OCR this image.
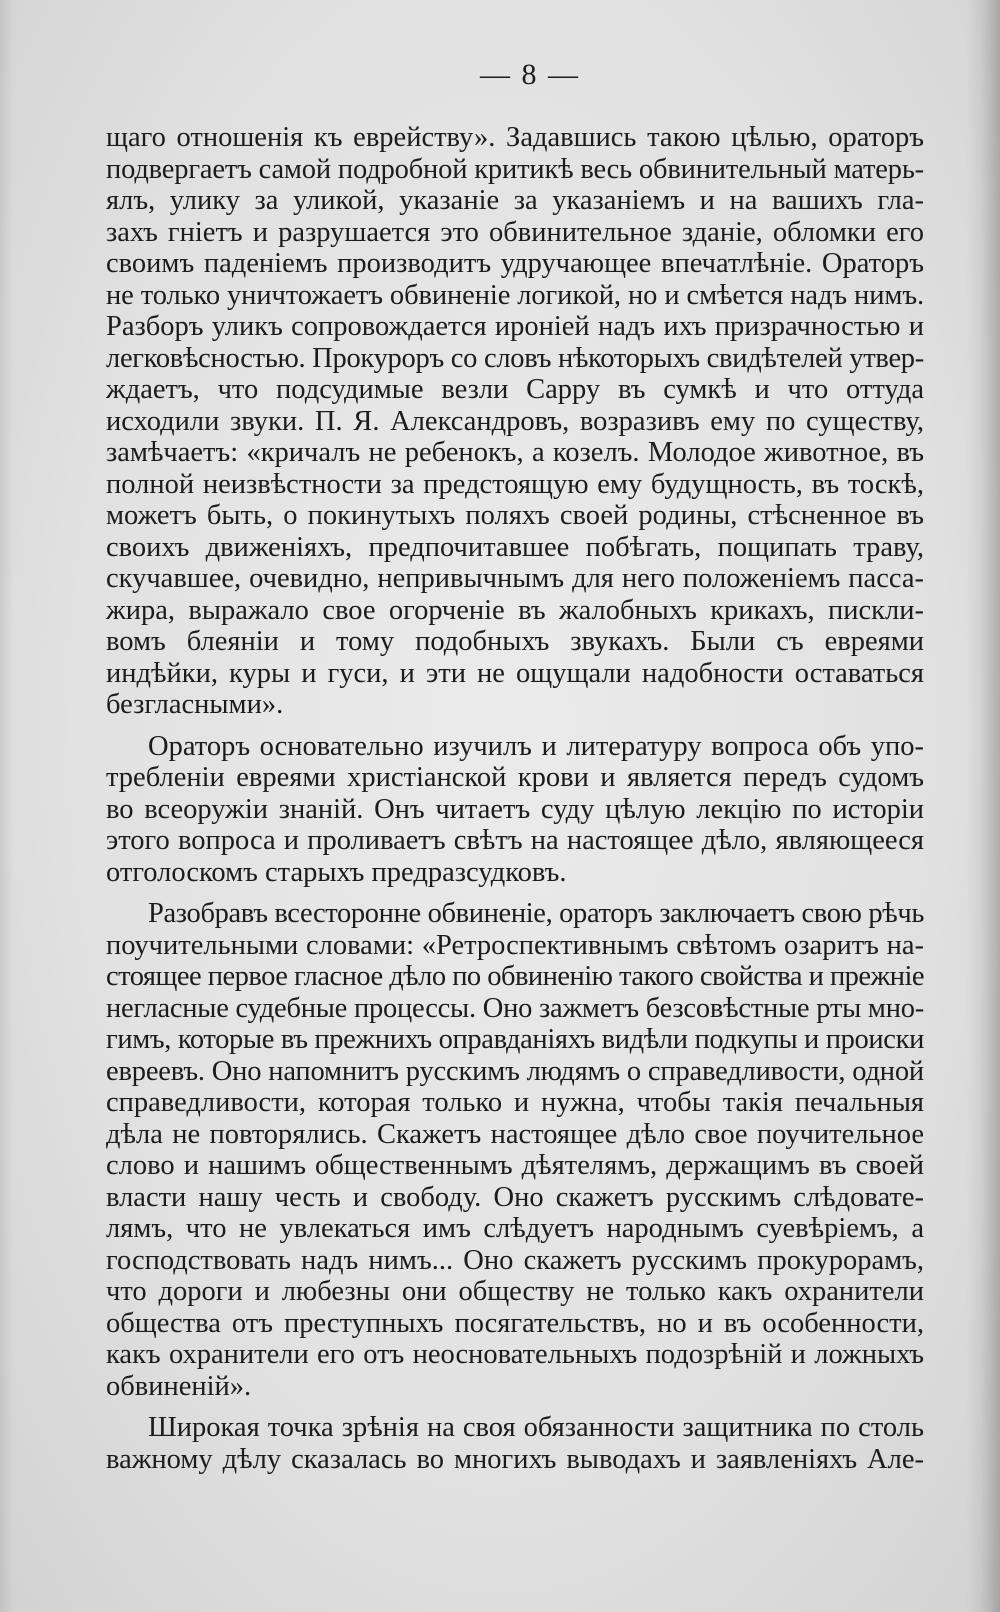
— 8 —
щаго отношенія къ еврейству». Задавшись такою цѣлью, ораторъ
подвергаетъ самой подробной критикѣ весь обвинительный матерь-
ялъ, улику за уликой, указаніе за указаніемъ и на вашихъ гла-
захъ гніетъ и разрушается это обвинительное зданіе, обломки его
своимъ паденіемъ производитъ удручающее впечатлѣніе. Ораторъ
не только уничтожаетъ обвиненіе логикой, но и смѣется надъ нимъ.
Разборъ уликъ сопровождается ироніей надъ ихъ призрачностью и
легковѣсностью. Прокуроръ со словъ нѣкоторыхъ свидѣтелей утвер-
ждаетъ, что подсудимые везли Сарру въ сумкѣ и что оттуда
исходили звуки. П. Я. Александровъ, возразивъ ему по существу,
замѣчаетъ: «кричалъ не ребенокъ, а козелъ. Молодое животное, въ
полной неизвѣстности за предстоящую ему будущность, въ тоскѣ,
можетъ быть, о покинутыхъ поляхъ своей родины, стѣсненное въ
своихъ движеніяхъ, предпочитавшее побѣгать, пощипать траву,
скучавшее, очевидно, непривычнымъ для него положеніемъ пасса-
жира, выражало свое огорченіе въ жалобныхъ крикахъ, пискли-
вомъ блеяніи и тому подобныхъ звукахъ. Были съ евреями
индѣйки, куры и гуси, и эти не ощущали надобности оставаться
безгласными».
Ораторъ основательно изучилъ и литературу вопроса объ упо-
требленіи евреями христіанской крови и является передъ судомъ
во всеоружіи знаній. Онъ читаетъ суду цѣлую лекцію по исторіи
этого вопроса и проливаетъ свѣтъ на настоящее дѣло, являющееся
отголоскомъ старыхъ предразсудковъ.
Разобравъ всесторонне обвиненіе, ораторъ заключаетъ свою рѣчь
поучительными словами: «Ретроспективнымъ свѣтомъ озаритъ на-
стоящее первое гласное дѣло по обвиненію такого свойства и прежніе
негласные судебные процессы. Оно зажметъ безсовѣстные рты мно-
гимъ, которые въ прежнихъ оправданіяхъ видѣли подкупы и происки
евреевъ. Оно напомнитъ русскимъ людямъ о справедливости, одной
справедливости, которая только и нужна, чтобы такія печальныя
дѣла не повторялись. Скажетъ настоящее дѣло свое поучительное
слово и нашимъ общественнымъ дѣятелямъ, держащимъ въ своей
власти нашу честь и свободу. Оно скажетъ русскимъ слѣдовате-
лямъ, что не увлекаться имъ слѣдуетъ народнымъ суевѣріемъ, а
господствовать надъ нимъ... Оно скажетъ русскимъ прокурорамъ,
что дороги и любезны они обществу не только какъ охранители
общества отъ преступныхъ посягательствъ, но и въ особенности,
какъ охранители его отъ неосновательныхъ подозрѣній и ложныхъ
обвиненій».
Широкая точка зрѣнія на своя обязанности защитника по столь
важному дѣлу сказалась во многихъ выводахъ и заявленіяхъ Але-
